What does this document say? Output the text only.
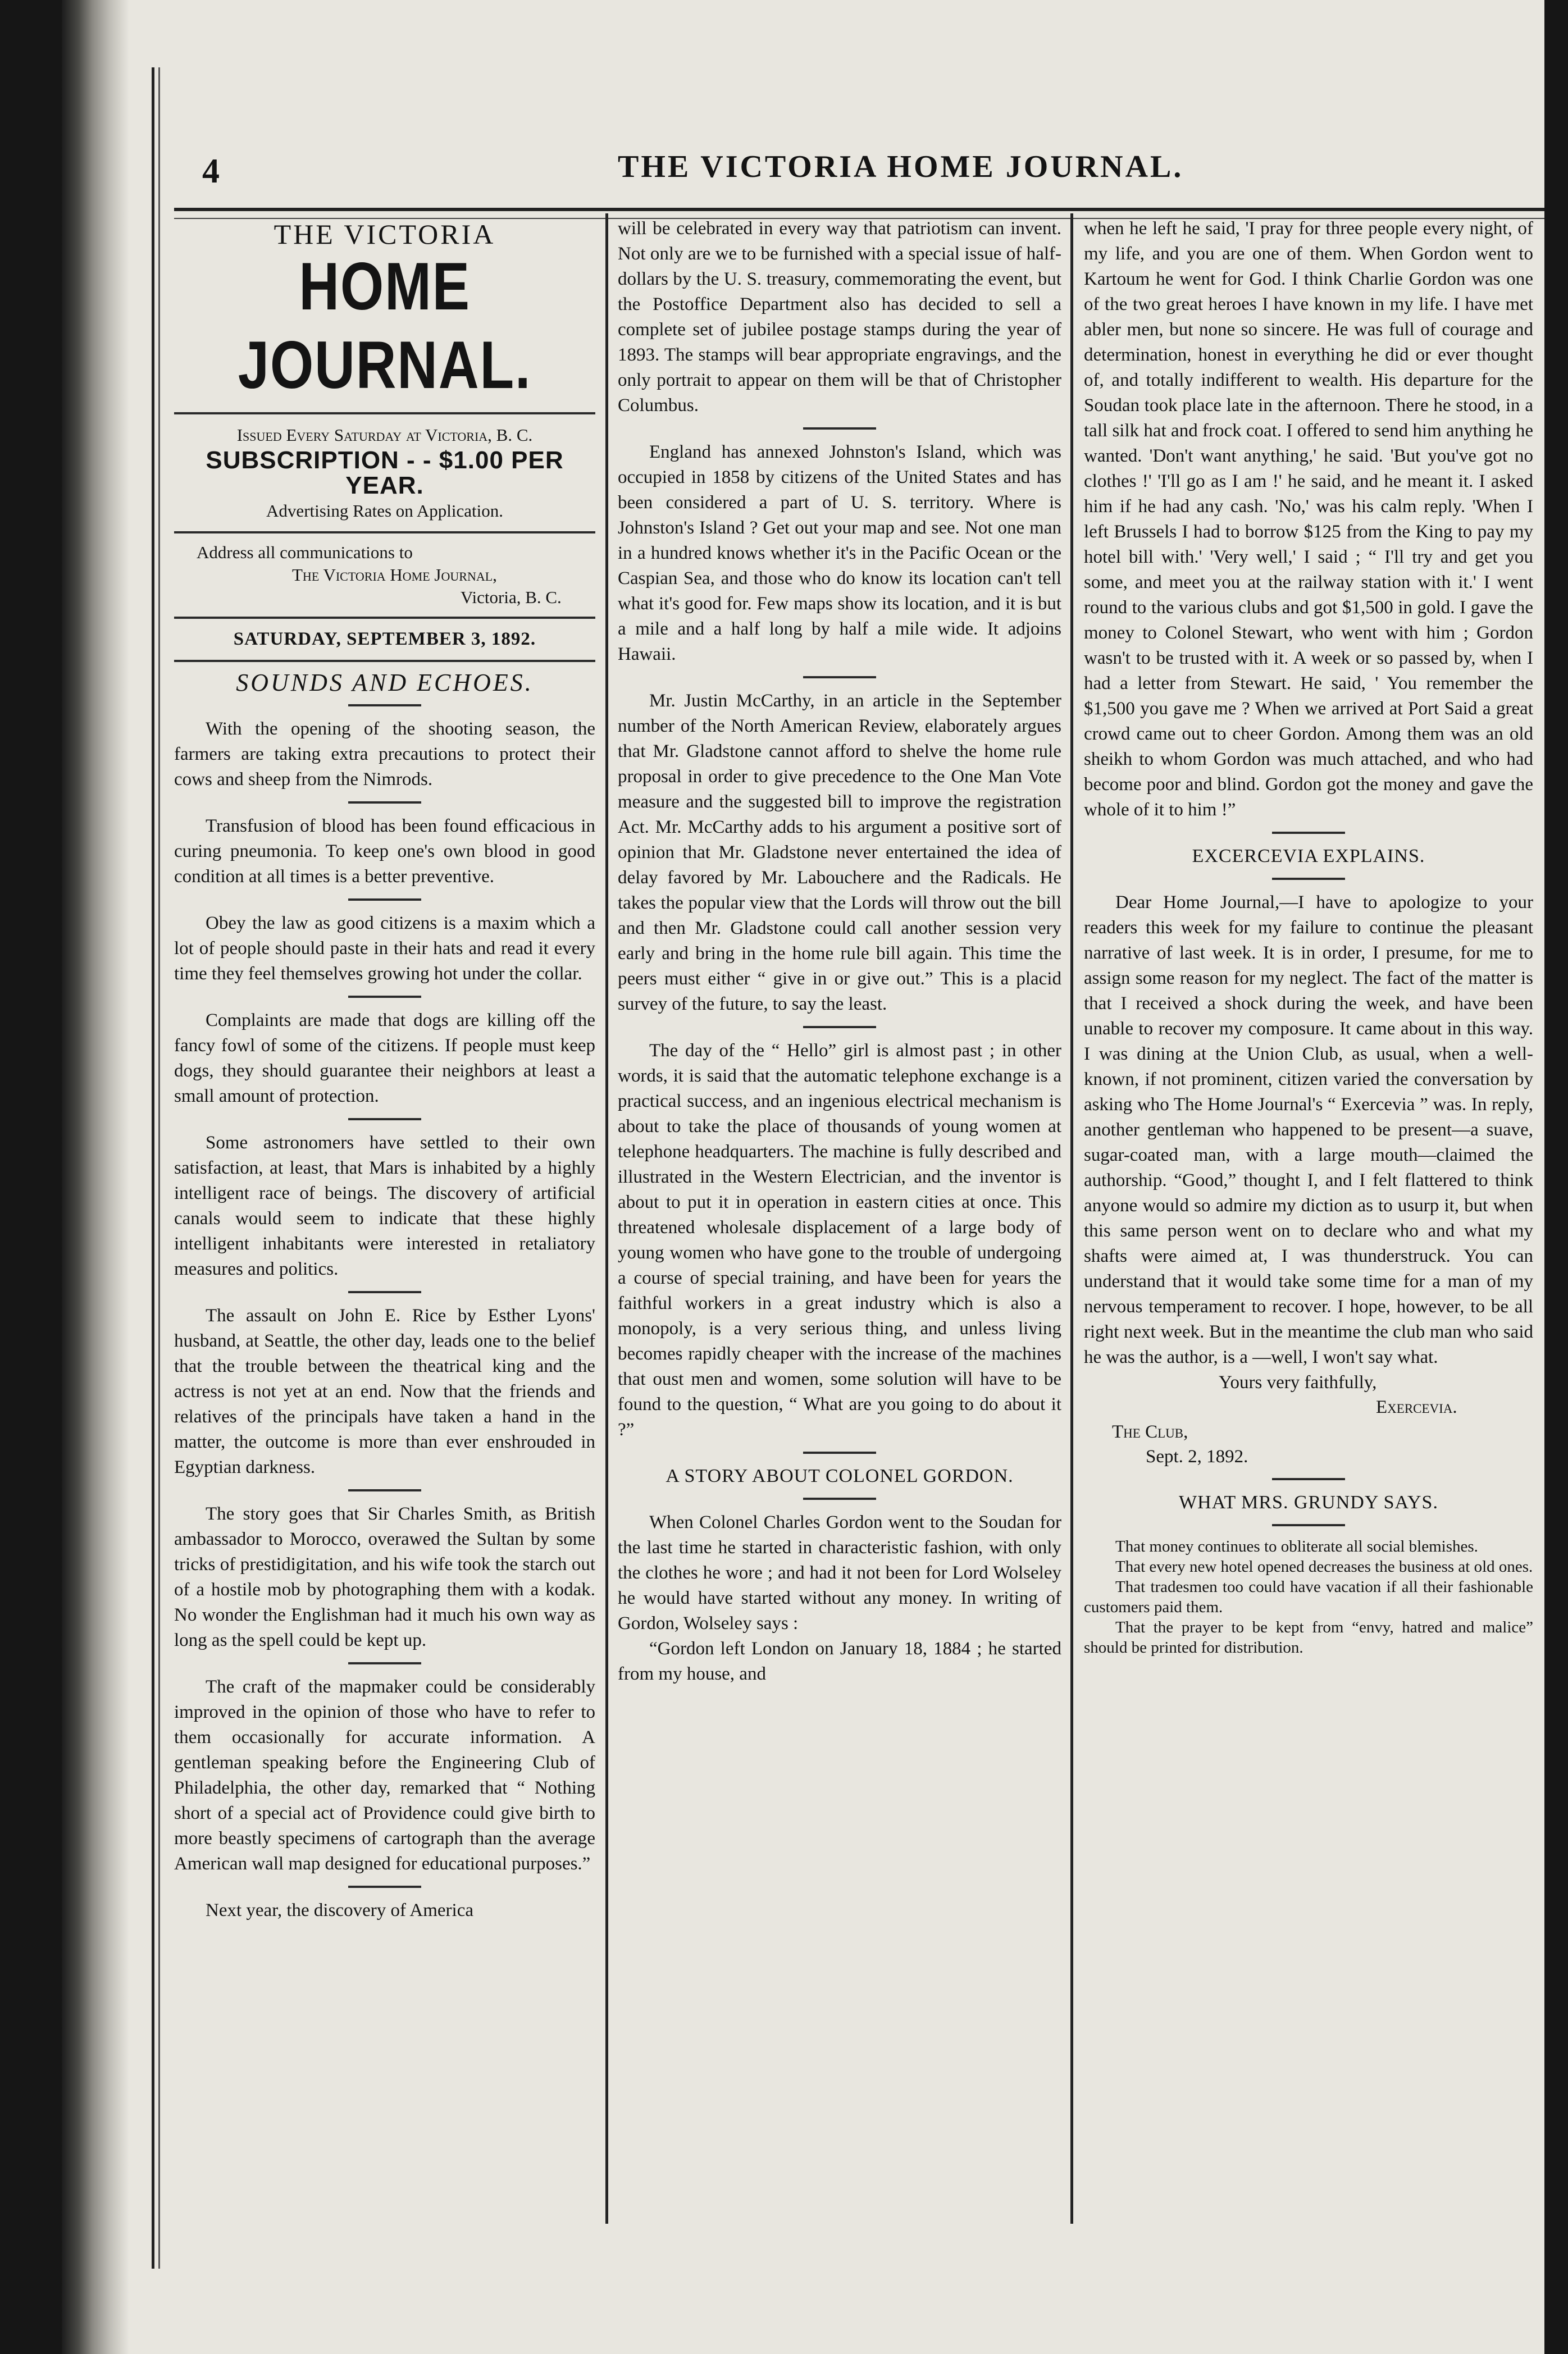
4	THE VICTORIA HOME JOURNAL.
THE VICTORIA
HOME JOURNAL.
Issued Every Saturday at Victoria, B. C.
SUBSCRIPTION - - $1.00 PER YEAR.
Advertising Rates on Application.
Address all communications to
The Victoria Home Journal,
Victoria, B. C.
SATURDAY, SEPTEMBER 3, 1892.
SOUNDS AND ECHOES.

With the opening of the shooting season, the farmers are taking extra precautions to protect their cows and sheep from the Nimrods.

Transfusion of blood has been found efficacious in curing pneumonia. To keep one's own blood in good condition at all times is a better preventive.

Obey the law as good citizens is a maxim which a lot of people should paste in their hats and read it every time they feel themselves growing hot under the collar.

Complaints are made that dogs are killing off the fancy fowl of some of the citizens. If people must keep dogs, they should guarantee their neighbors at least a small amount of protection.

Some astronomers have settled to their own satisfaction, at least, that Mars is inhabited by a highly intelligent race of beings. The discovery of artificial canals would seem to indicate that these highly intelligent inhabitants were interested in retaliatory measures and politics.

The assault on John E. Rice by Esther Lyons' husband, at Seattle, the other day, leads one to the belief that the trouble between the theatrical king and the actress is not yet at an end. Now that the friends and relatives of the principals have taken a hand in the matter, the outcome is more than ever enshrouded in Egyptian darkness.

The story goes that Sir Charles Smith, as British ambassador to Morocco, overawed the Sultan by some tricks of prestidigitation, and his wife took the starch out of a hostile mob by photographing them with a kodak. No wonder the Englishman had it much his own way as long as the spell could be kept up.

The craft of the mapmaker could be considerably improved in the opinion of those who have to refer to them occasionally for accurate information. A gentleman speaking before the Engineering Club of Philadelphia, the other day, remarked that “ Nothing short of a special act of Providence could give birth to more beastly specimens of cartograph than the average American wall map designed for educational purposes.”

Next year, the discovery of America

will be celebrated in every way that patriotism can invent. Not only are we to be furnished with a special issue of half-dollars by the U. S. treasury, commemorating the event, but the Postoffice Department also has decided to sell a complete set of jubilee postage stamps during the year of 1893. The stamps will bear appropriate engravings, and the only portrait to appear on them will be that of Christopher Columbus.

England has annexed Johnston's Island, which was occupied in 1858 by citizens of the United States and has been considered a part of U. S. territory. Where is Johnston's Island ? Get out your map and see. Not one man in a hundred knows whether it's in the Pacific Ocean or the Caspian Sea, and those who do know its location can't tell what it's good for. Few maps show its location, and it is but a mile and a half long by half a mile wide. It adjoins Hawaii.

Mr. Justin McCarthy, in an article in the September number of the North American Review, elaborately argues that Mr. Gladstone cannot afford to shelve the home rule proposal in order to give precedence to the One Man Vote measure and the suggested bill to improve the registration Act. Mr. McCarthy adds to his argument a positive sort of opinion that Mr. Gladstone never entertained the idea of delay favored by Mr. Labouchere and the Radicals. He takes the popular view that the Lords will throw out the bill and then Mr. Gladstone could call another session very early and bring in the home rule bill again. This time the peers must either “ give in or give out.” This is a placid survey of the future, to say the least.

The day of the “ Hello” girl is almost past ; in other words, it is said that the automatic telephone exchange is a practical success, and an ingenious electrical mechanism is about to take the place of thousands of young women at telephone headquarters. The machine is fully described and illustrated in the Western Electrician, and the inventor is about to put it in operation in eastern cities at once. This threatened wholesale displacement of a large body of young women who have gone to the trouble of undergoing a course of special training, and have been for years the faithful workers in a great industry which is also a monopoly, is a very serious thing, and unless living becomes rapidly cheaper with the increase of the machines that oust men and women, some solution will have to be found to the question, “ What are you going to do about it ?”

A STORY ABOUT COLONEL GORDON.

When Colonel Charles Gordon went to the Soudan for the last time he started in characteristic fashion, with only the clothes he wore ; and had it not been for Lord Wolseley he would have started without any money. In writing of Gordon, Wolseley says :

“Gordon left London on January 18, 1884 ; he started from my house, and

when he left he said, 'I pray for three people every night, of my life, and you are one of them. When Gordon went to Kartoum he went for God. I think Charlie Gordon was one of the two great heroes I have known in my life. I have met abler men, but none so sincere. He was full of courage and determination, honest in everything he did or ever thought of, and totally indifferent to wealth. His departure for the Soudan took place late in the afternoon. There he stood, in a tall silk hat and frock coat. I offered to send him anything he wanted. 'Don't want anything,' he said. 'But you've got no clothes !' 'I'll go as I am !' he said, and he meant it. I asked him if he had any cash. 'No,' was his calm reply. 'When I left Brussels I had to borrow $125 from the King to pay my hotel bill with.' 'Very well,' I said ; “ I'll try and get you some, and meet you at the railway station with it.' I went round to the various clubs and got $1,500 in gold. I gave the money to Colonel Stewart, who went with him ; Gordon wasn't to be trusted with it. A week or so passed by, when I had a letter from Stewart. He said, ' You remember the $1,500 you gave me ? When we arrived at Port Said a great crowd came out to cheer Gordon. Among them was an old sheikh to whom Gordon was much attached, and who had become poor and blind. Gordon got the money and gave the whole of it to him !”

EXCERCEVIA EXPLAINS.

Dear Home Journal,—I have to apologize to your readers this week for my failure to continue the pleasant narrative of last week. It is in order, I presume, for me to assign some reason for my neglect. The fact of the matter is that I received a shock during the week, and have been unable to recover my composure. It came about in this way. I was dining at the Union Club, as usual, when a well-known, if not prominent, citizen varied the conversation by asking who The Home Journal's “ Exercevia ” was. In reply, another gentleman who happened to be present—a suave, sugar-coated man, with a large mouth—claimed the authorship. “Good,” thought I, and I felt flattered to think anyone would so admire my diction as to usurp it, but when this same person went on to declare who and what my shafts were aimed at, I was thunderstruck. You can understand that it would take some time for a man of my nervous temperament to recover. I hope, however, to be all right next week. But in the meantime the club man who said he was the author, is a —well, I won't say what.

Yours very faithfully,
Exercevia.
The Club,
Sept. 2, 1892.
WHAT MRS. GRUNDY SAYS.

That money continues to obliterate all social blemishes.

That every new hotel opened decreases the business at old ones.

That tradesmen too could have vacation if all their fashionable customers paid them.

That the prayer to be kept from “envy, hatred and malice” should be printed for distribution.
